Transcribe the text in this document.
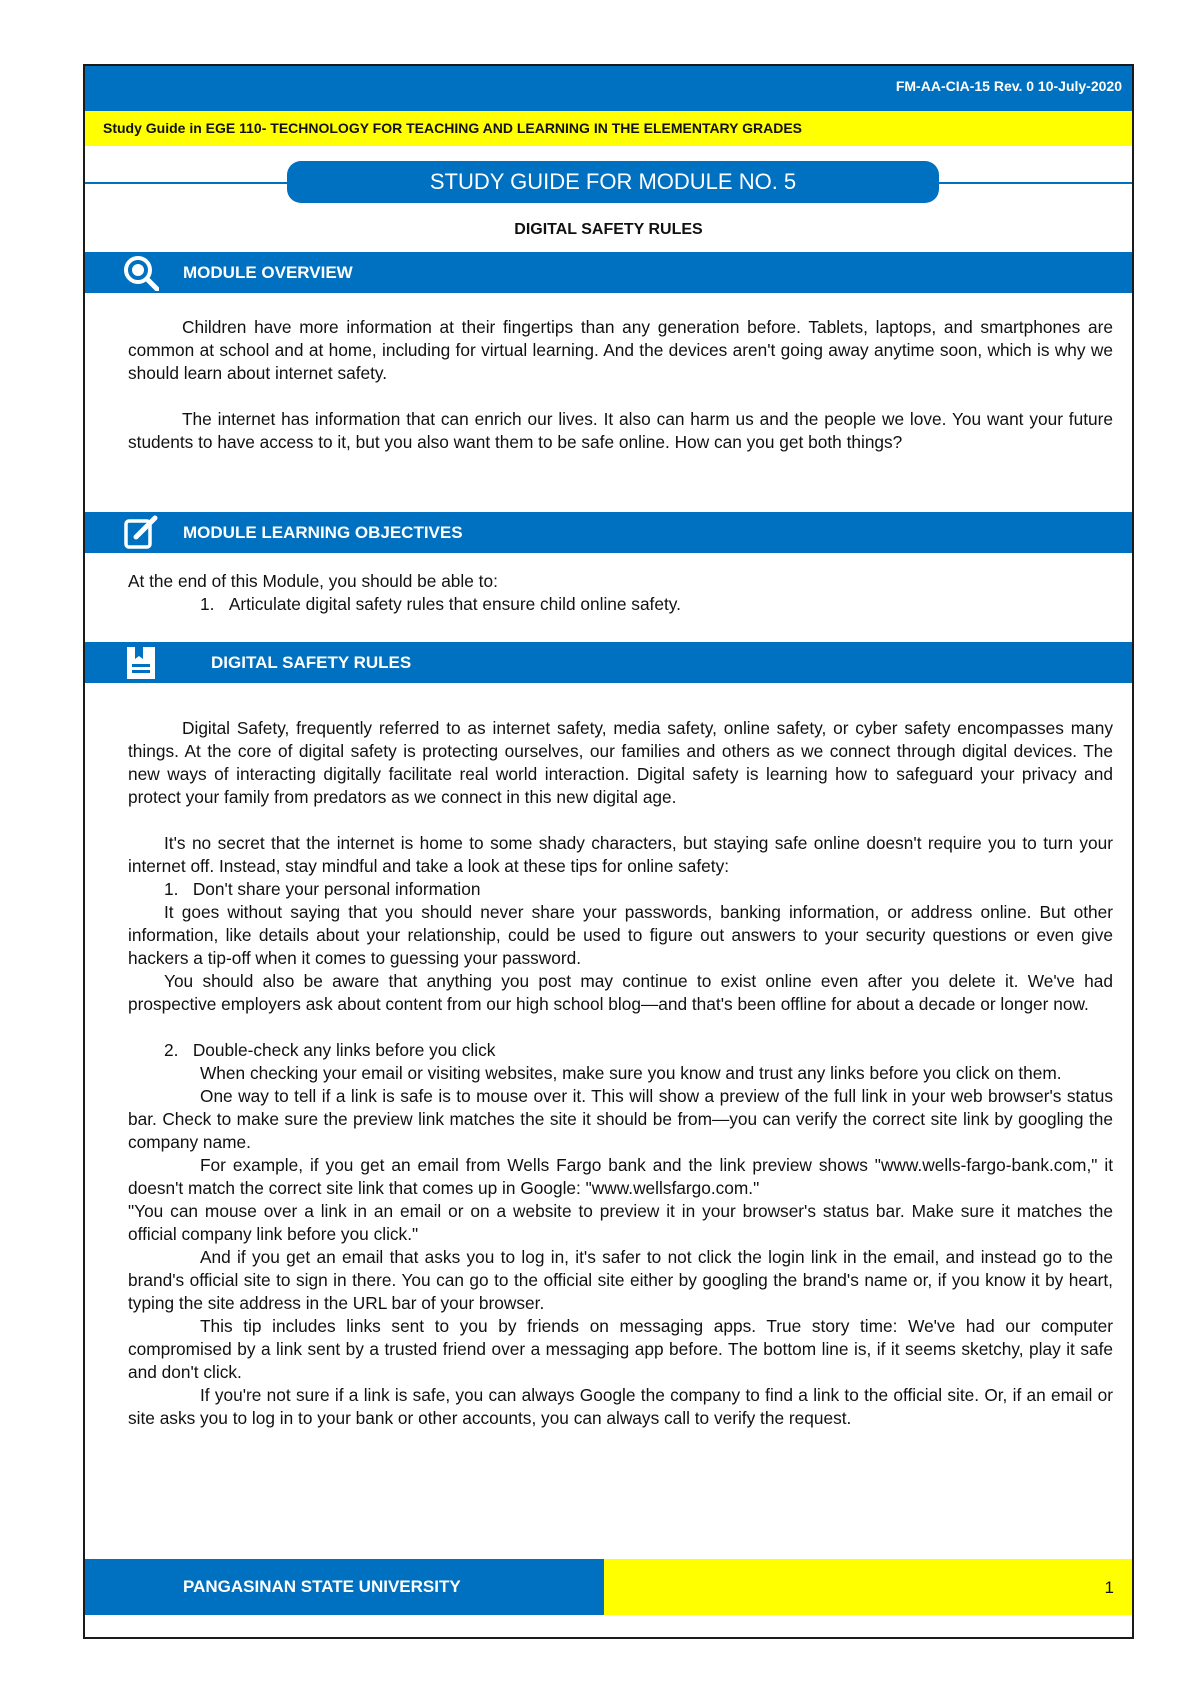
FM-AA-CIA-15 Rev. 0 10-July-2020
Study Guide in EGE 110- TECHNOLOGY FOR TEACHING AND LEARNING IN THE ELEMENTARY GRADES
STUDY GUIDE FOR MODULE NO. 5
DIGITAL SAFETY RULES
MODULE OVERVIEW

Children have more information at their fingertips than any generation before. Tablets, laptops, and smartphones are common at school and at home, including for virtual learning. And the devices aren't going away anytime soon, which is why we should learn about internet safety.

The internet has information that can enrich our lives. It also can harm us and the people we love. You want your future students to have access to it, but you also want them to be safe online. How can you get both things?

MODULE LEARNING OBJECTIVES

At the end of this Module, you should be able to:

1.   Articulate digital safety rules that ensure child online safety.

DIGITAL SAFETY RULES

Digital Safety, frequently referred to as internet safety, media safety, online safety, or cyber safety encompasses many things. At the core of digital safety is protecting ourselves, our families and others as we connect through digital devices. The new ways of interacting digitally facilitate real world interaction. Digital safety is learning how to safeguard your privacy and protect your family from predators as we connect in this new digital age.

It's no secret that the internet is home to some shady characters, but staying safe online doesn't require you to turn your internet off. Instead, stay mindful and take a look at these tips for online safety:

1.   Don't share your personal information

It goes without saying that you should never share your passwords, banking information, or address online. But other information, like details about your relationship, could be used to figure out answers to your security questions or even give hackers a tip-off when it comes to guessing your password.

You should also be aware that anything you post may continue to exist online even after you delete it. We've had prospective employers ask about content from our high school blog—and that's been offline for about a decade or longer now.

2.   Double-check any links before you click

When checking your email or visiting websites, make sure you know and trust any links before you click on them.

One way to tell if a link is safe is to mouse over it. This will show a preview of the full link in your web browser's status bar. Check to make sure the preview link matches the site it should be from—you can verify the correct site link by googling the company name.

For example, if you get an email from Wells Fargo bank and the link preview shows "www.wells-fargo-bank.com," it doesn't match the correct site link that comes up in Google: "www.wellsfargo.com."

"You can mouse over a link in an email or on a website to preview it in your browser's status bar. Make sure it matches the official company link before you click."

And if you get an email that asks you to log in, it's safer to not click the login link in the email, and instead go to the brand's official site to sign in there. You can go to the official site either by googling the brand's name or, if you know it by heart, typing the site address in the URL bar of your browser.

This tip includes links sent to you by friends on messaging apps. True story time: We've had our computer compromised by a link sent by a trusted friend over a messaging app before. The bottom line is, if it seems sketchy, play it safe and don't click.

If you're not sure if a link is safe, you can always Google the company to find a link to the official site. Or, if an email or site asks you to log in to your bank or other accounts, you can always call to verify the request.

PANGASINAN STATE UNIVERSITY	1
